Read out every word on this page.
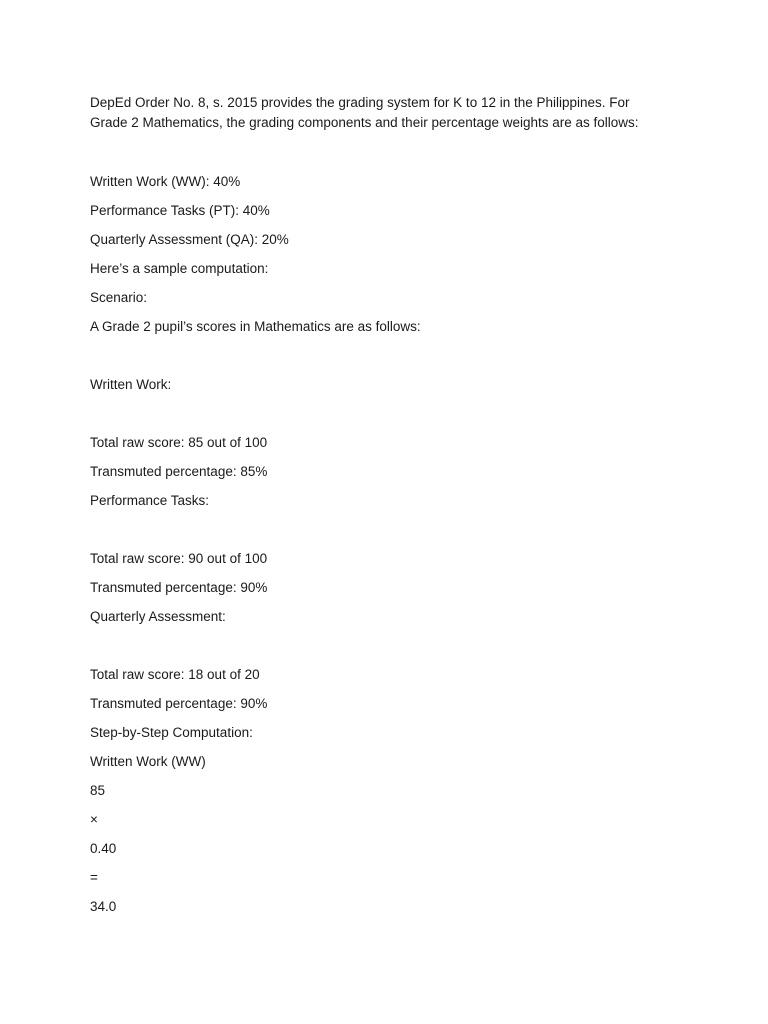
DepEd Order No. 8, s. 2015 provides the grading system for K to 12 in the Philippines. For Grade 2 Mathematics, the grading components and their percentage weights are as follows:

Written Work (WW): 40%

Performance Tasks (PT): 40%

Quarterly Assessment (QA): 20%

Here’s a sample computation:

Scenario:

A Grade 2 pupil’s scores in Mathematics are as follows:

Written Work:

Total raw score: 85 out of 100

Transmuted percentage: 85%

Performance Tasks:

Total raw score: 90 out of 100

Transmuted percentage: 90%

Quarterly Assessment:

Total raw score: 18 out of 20

Transmuted percentage: 90%

Step-by-Step Computation:

Written Work (WW)

85

×

0.40

=

34.0
